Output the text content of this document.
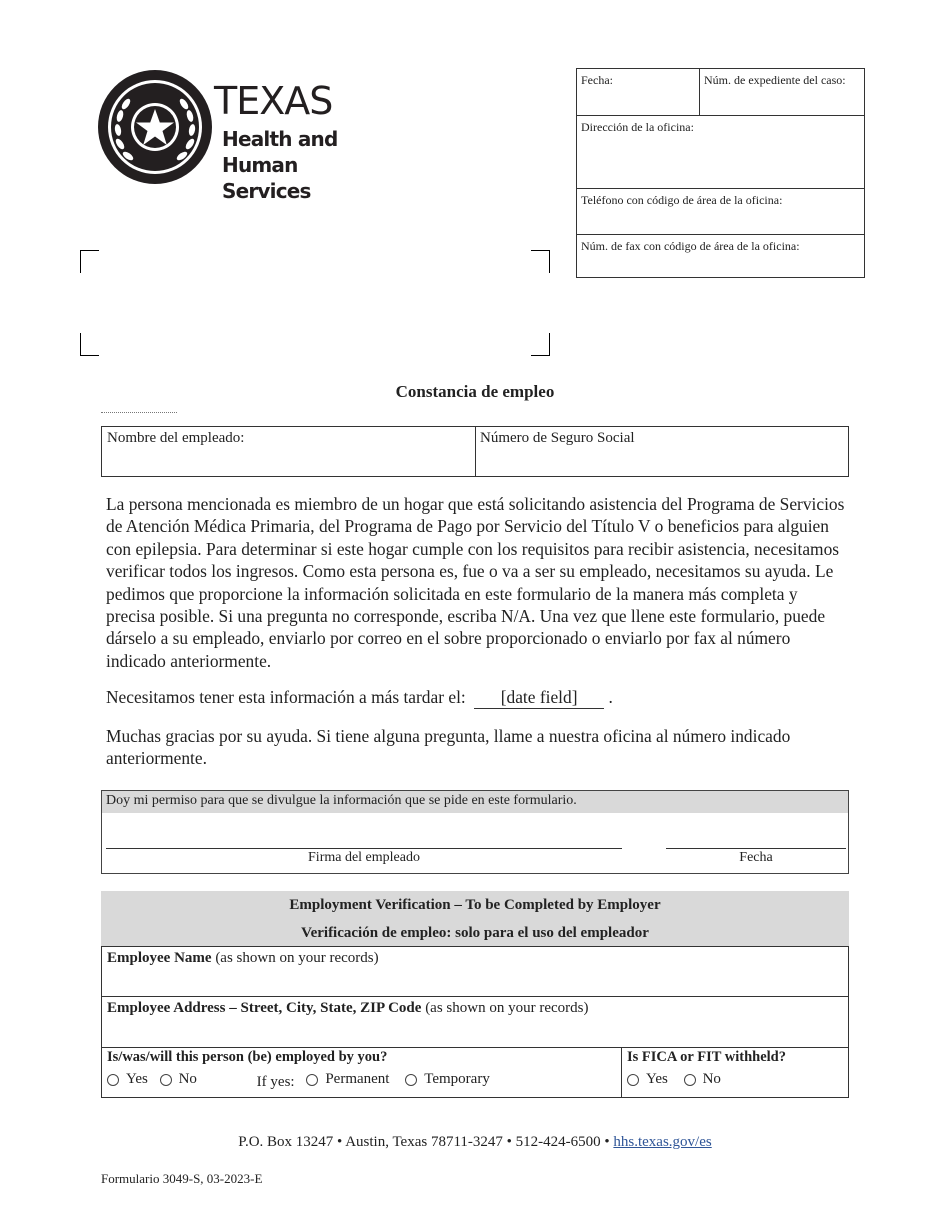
TEXAS
Health and Human
Services
Fecha:	Núm. de expediente del caso:
Dirección de la oficina:
Teléfono con código de área de la oficina:
Núm. de fax con código de área de la oficina:
Constancia de empleo
Nombre del empleado:	Número de Seguro Social
La persona mencionada es miembro de un hogar que está solicitando asistencia del Programa de Servicios de Atención Médica Primaria, del Programa de Pago por Servicio del Título V o beneficios para alguien con epilepsia. Para determinar si este hogar cumple con los requisitos para recibir asistencia, necesitamos verificar todos los ingresos. Como esta persona es, fue o va a ser su empleado, necesitamos su ayuda. Le pedimos que proporcione la información solicitada en este formulario de la manera más completa y precisa posible. Si una pregunta no corresponde, escriba N/A. Una vez que llene este formulario, puede dárselo a su empleado, enviarlo por correo en el sobre proporcionado o enviarlo por fax al número indicado anteriormente.
Necesitamos tener esta información a más tardar el: [date field] .
Muchas gracias por su ayuda. Si tiene alguna pregunta, llame a nuestra oficina al número indicado anteriormente.
Doy mi permiso para que se divulgue la información que se pide en este formulario.
Firma del empleado	Fecha
Employment Verification – To be Completed by Employer
Verificación de empleo: solo para el uso del empleador
Employee Name (as shown on your records)
Employee Address – Street, City, State, ZIP Code (as shown on your records)
Is/was/will this person (be) employed by you?
Yes
No	If yes: Permanent
Temporary
Is FICA or FIT withheld?
Yes
No
P.O. Box 13247 • Austin, Texas 78711-3247 • 512-424-6500 • hhs.texas.gov/es
Formulario 3049-S, 03-2023-E
